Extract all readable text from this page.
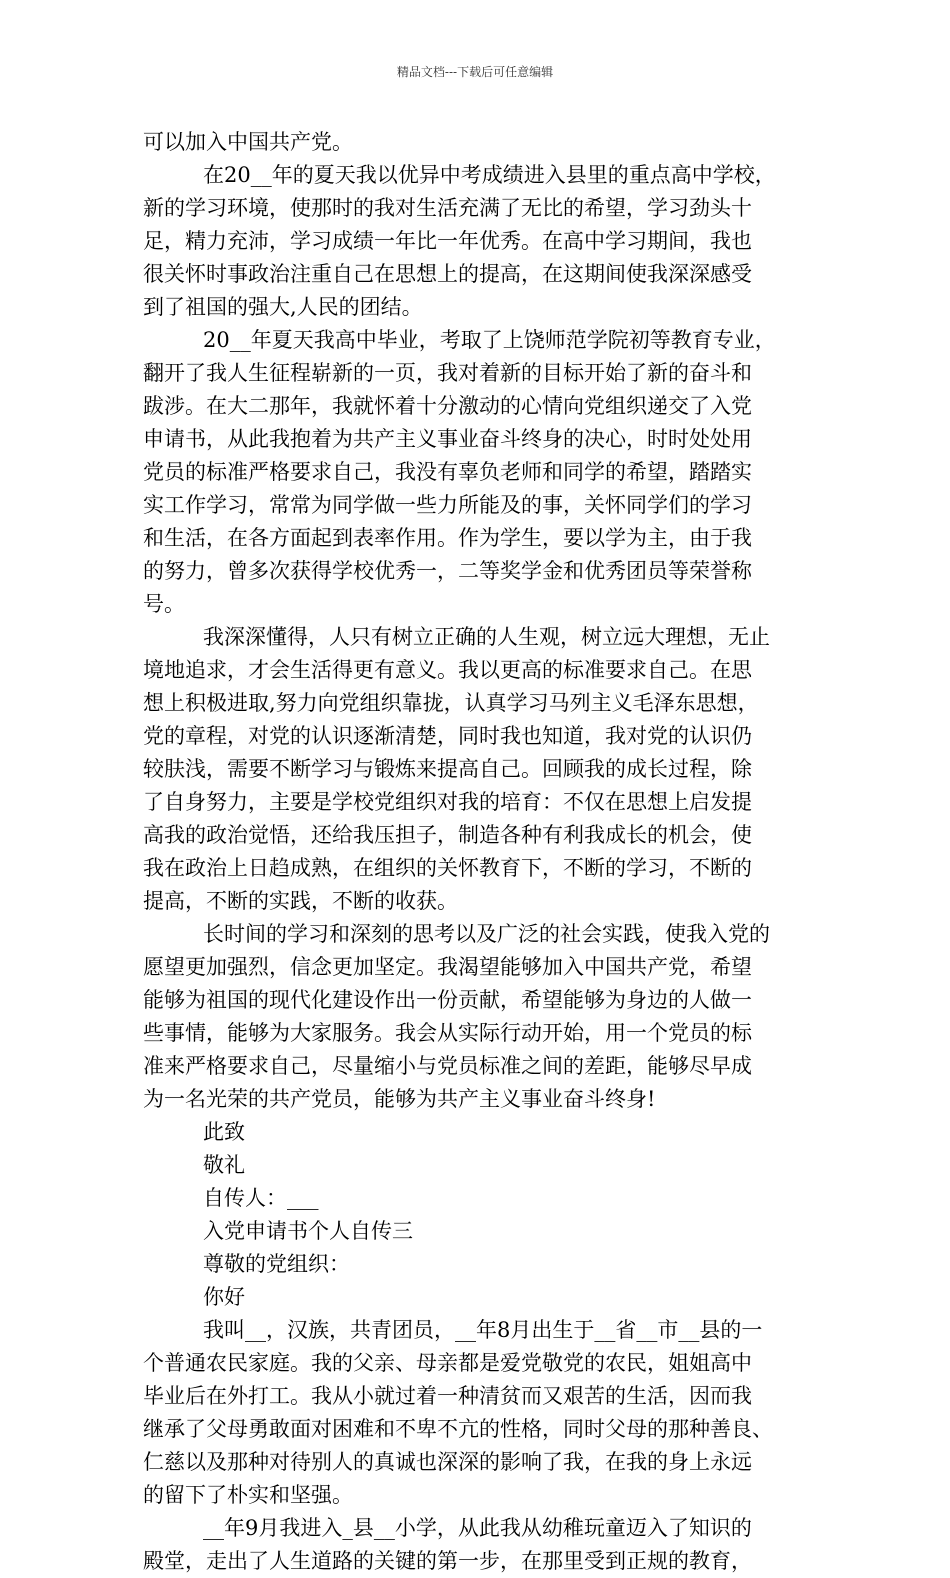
精品文档---下载后可任意编辑
可以加入中国共产党。
在20__年的夏天我以优异中考成绩进入县里的重点高中学校，
新的学习环境，使那时的我对生活充满了无比的希望，学习劲头十
足，精力充沛，学习成绩一年比一年优秀。在高中学习期间，我也
很关怀时事政治注重自己在思想上的提高，在这期间使我深深感受
到了祖国的强大,人民的团结。
20__年夏天我高中毕业，考取了上饶师范学院初等教育专业，
翻开了我人生征程崭新的一页，我对着新的目标开始了新的奋斗和
跋涉。在大二那年，我就怀着十分激动的心情向党组织递交了入党
申请书，从此我抱着为共产主义事业奋斗终身的决心，时时处处用
党员的标准严格要求自己，我没有辜负老师和同学的希望，踏踏实
实工作学习，常常为同学做一些力所能及的事，关怀同学们的学习
和生活，在各方面起到表率作用。作为学生，要以学为主，由于我
的努力，曾多次获得学校优秀一，二等奖学金和优秀团员等荣誉称
号。
我深深懂得，人只有树立正确的人生观，树立远大理想，无止
境地追求，才会生活得更有意义。我以更高的标准要求自己。在思
想上积极进取,努力向党组织靠拢，认真学习马列主义毛泽东思想，
党的章程，对党的认识逐渐清楚，同时我也知道，我对党的认识仍
较肤浅，需要不断学习与锻炼来提高自己。回顾我的成长过程，除
了自身努力，主要是学校党组织对我的培育：不仅在思想上启发提
高我的政治觉悟，还给我压担子，制造各种有利我成长的机会，使
我在政治上日趋成熟，在组织的关怀教育下，不断的学习，不断的
提高，不断的实践，不断的收获。
长时间的学习和深刻的思考以及广泛的社会实践，使我入党的
愿望更加强烈，信念更加坚定。我渴望能够加入中国共产党，希望
能够为祖国的现代化建设作出一份贡献，希望能够为身边的人做一
些事情，能够为大家服务。我会从实际行动开始，用一个党员的标
准来严格要求自己，尽量缩小与党员标准之间的差距，能够尽早成
为一名光荣的共产党员，能够为共产主义事业奋斗终身!
此致
敬礼
自传人：___
入党申请书个人自传三
尊敬的党组织：
你好
我叫__，汉族，共青团员，__年8月出生于__省__市__县的一
个普通农民家庭。我的父亲、母亲都是爱党敬党的农民，姐姐高中
毕业后在外打工。我从小就过着一种清贫而又艰苦的生活，因而我
继承了父母勇敢面对困难和不卑不亢的性格，同时父母的那种善良、
仁慈以及那种对待别人的真诚也深深的影响了我，在我的身上永远
的留下了朴实和坚强。
__年9月我进入_县__小学，从此我从幼稚玩童迈入了知识的
殿堂，走出了人生道路的关键的第一步，在那里受到正规的教育，
